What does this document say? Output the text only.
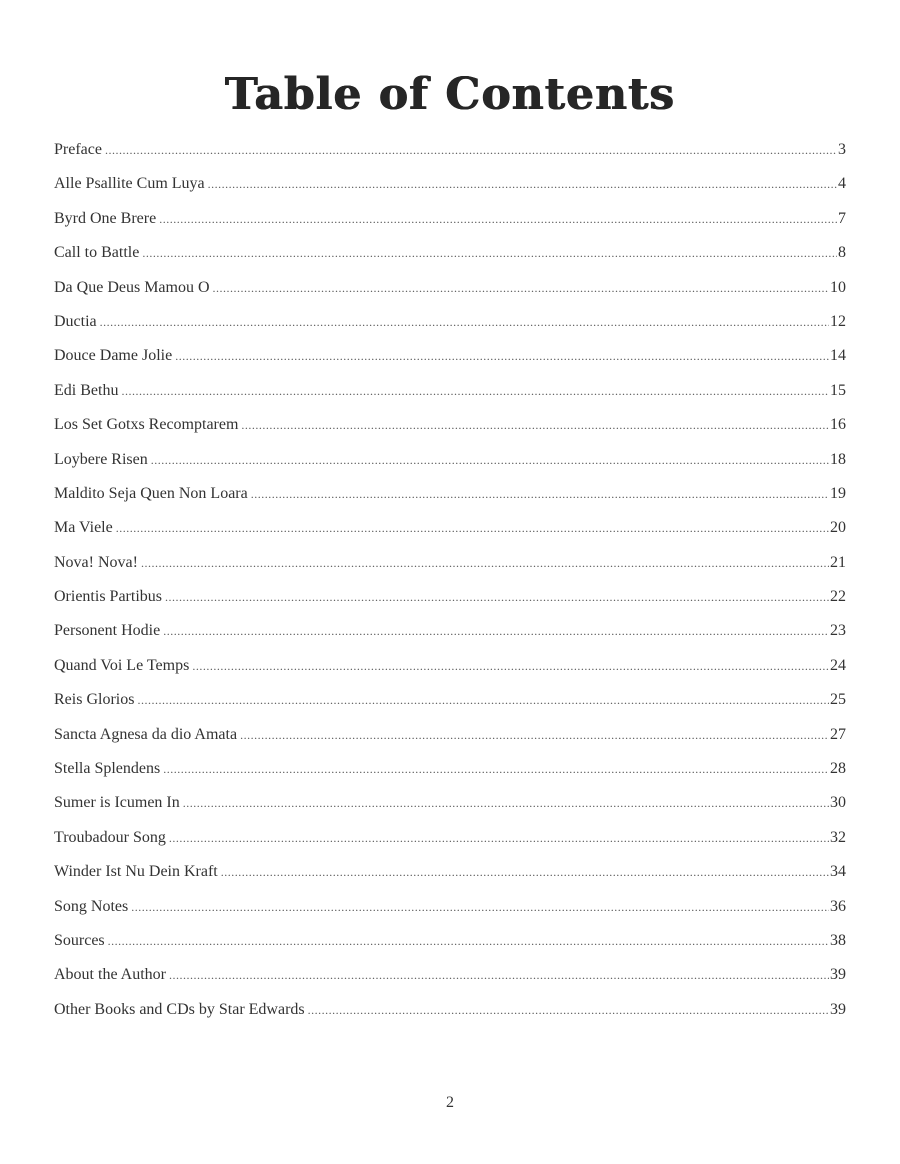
Table of Contents
Preface .....	3
Alle Psallite Cum Luya .....	4
Byrd One Brere .....	7
Call to Battle .....	8
Da Que Deus Mamou O .....	10
Ductia .....	12
Douce Dame Jolie .....	14
Edi Bethu .....	15
Los Set Gotxs Recomptarem .....	16
Loybere Risen .....	18
Maldito Seja Quen Non Loara .....	19
Ma Viele .....	20
Nova! Nova! .....	21
Orientis Partibus .....	22
Personent Hodie .....	23
Quand Voi Le Temps .....	24
Reis Glorios .....	25
Sancta Agnesa da dio Amata .....	27
Stella Splendens .....	28
Sumer is Icumen In .....	30
Troubadour Song .....	32
Winder Ist Nu Dein Kraft .....	34
Song Notes .....	36
Sources .....	38
About the Author .....	39
Other Books and CDs by Star Edwards .....	39
2
